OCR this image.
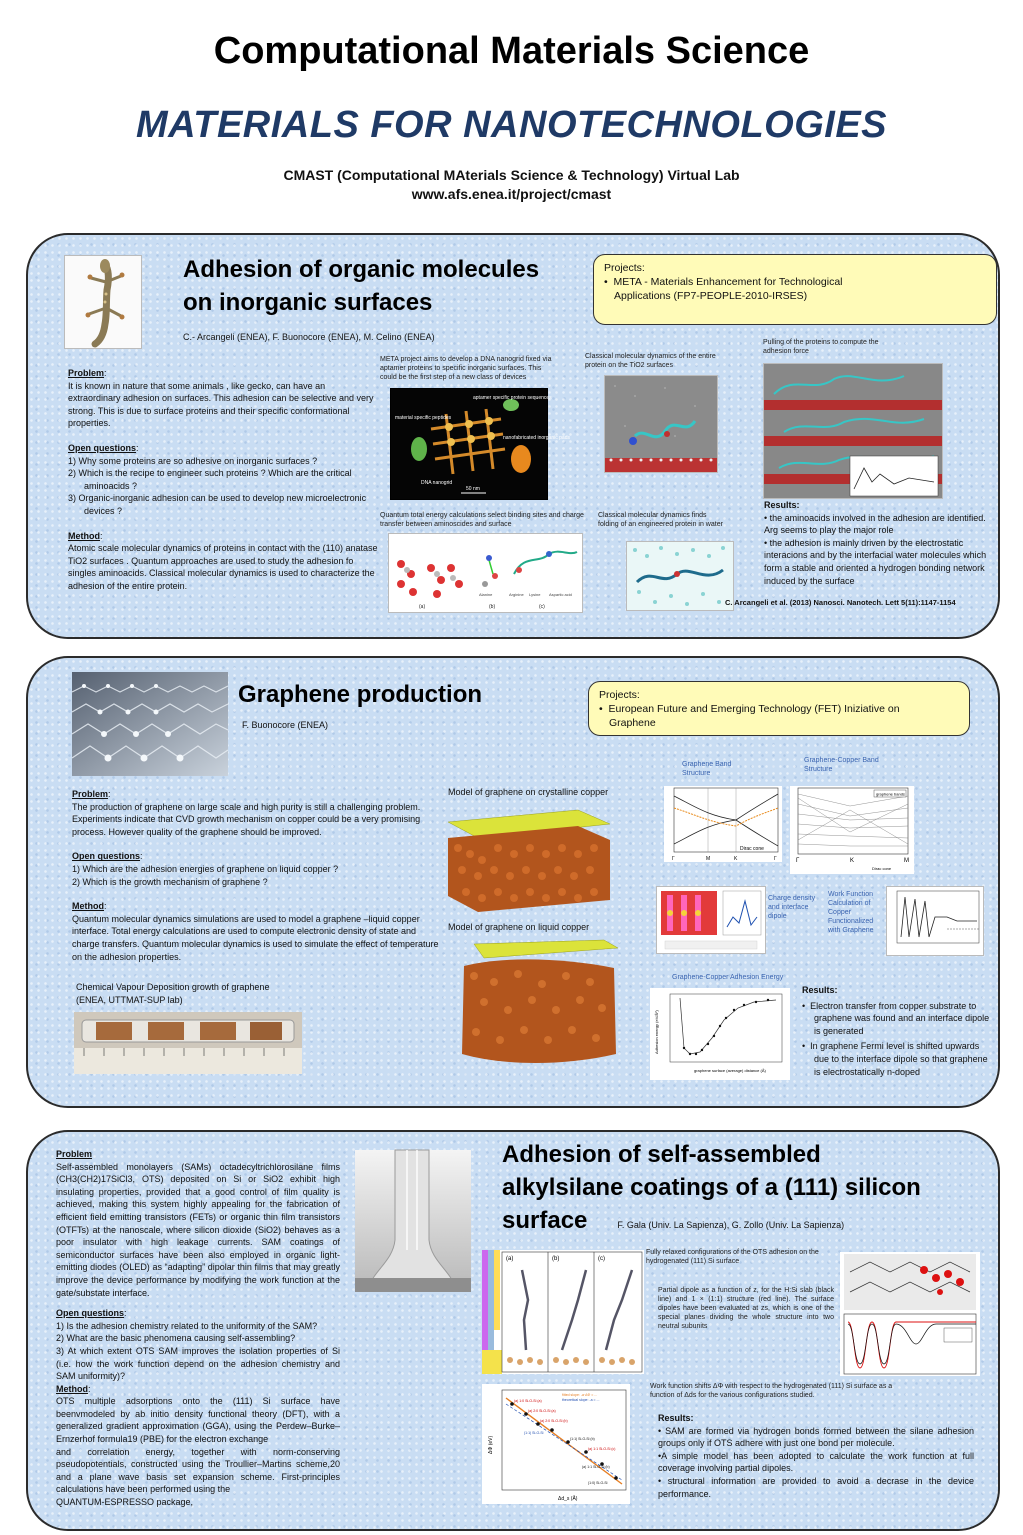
Computational Materials Science
MATERIALS FOR NANOTECHNOLOGIES
CMAST (Computational MAterials Science & Technology) Virtual Lab
www.afs.enea.it/project/cmast
Adhesion of organic molecules
on inorganic surfaces
C.- Arcangeli (ENEA), F. Buonocore (ENEA), M. Celino (ENEA)
Projects:
•  META - Materials Enhancement for Technological
Applications (FP7-PEOPLE-2010-IRSES)
Problem:
It is known in nature that some animals , like gecko, can have an extraordinary adhesion on surfaces. This adhesion can be selective and very strong. This is due to surface proteins and their specific conformational properties.
Open questions:
1) Why some proteins are so adhesive on inorganic surfaces ?
2) Which is the recipe to engineer such proteins ? Which are the critical aminoacids ?
3) Organic-inorganic adhesion can be used to develop new microelectronic devices ?
Method:
Atomic scale molecular dynamics of proteins in contact with the (110) anatase TiO2 surfaces . Quantum approaches are used to study the adhesion fo singles aminoacids. Classical molecular dynamics is used to characterize the adhesion of the entire protein.
META project aims to develop a DNA nanogrid fixed via aptamer proteins to specific inorganic surfaces. This could be the first step of a new class of devices
aptamer specific protein sequences
material specific peptides
nanofabricated inorganic pads
DNA nanogrid
50 nm
Classical molecular dynamics of the entire protein on the TiO2 surfaces
Pulling of the proteins to compute the adhesion force
Quantum total energy calculations select binding sites and charge transfer between aminoscides and surface
(a)	(b)	(c)
Alanine	Arginine Lysine Aspartic acid
Classical molecular dynamics finds folding of an engineered protein in water
Results:
• the aminoacids involved in the adhesion are identified. Arg seems to play the major role
• the adhesion is mainly driven by the electrostatic interacions and by the interfacial water molecules which form a stable and oriented a hydrogen bonding network induced by the surface
C. Arcangeli et al. (2013) Nanosci. Nanotech. Lett 5(11):1147-1154
Graphene production
F. Buonocore (ENEA)
Projects:
•  European Future and Emerging Technology (FET) Iniziative on
Graphene
Problem:
The production of graphene on large scale and high purity is still a challenging problem. Experiments indicate that CVD growth mechanism on copper could be a very promising process. However quality of the graphene should be improved.
Open questions:
1) Which are the adhesion energies of graphene on liquid copper ?
2) Which is the growth mechanism of graphene ?
Method:
Quantum molecular dynamics simulations are used to model a graphene –liquid copper interface. Total energy calculations are used to compute electronic density of state and charge transfers. Quantum molecular dynamics is used to simulate the effect of temperature on the adhesion properties.
Chemical Vapour Deposition growth of graphene (ENEA, UTTMAT-SUP lab)
Model of graphene on crystalline copper
Model of graphene on liquid copper
Graphene Band Structure
Γ	M	K	Γ
Dirac cone
Graphene-Copper Band Structure
graphene bands
Γ	K	M
Dirac cone
Charge density and interface dipole
Work Function Calculation of Copper Functionalized with Graphene
Graphene-Copper Adhesion Energy
graphene surface (average) distance (Å)
Adhesion energy (eV/Å²)
Results:
•  Electron transfer from copper substrate to graphene was found and an interface dipole is generated
•  In graphene Fermi level is shifted upwards due to the interface dipole so that graphene is electrostatically n-doped
Problem
Self-assembled monolayers (SAMs) octadecyltrichlorosilane films (CH3(CH2)17SiCl3, OTS) deposited on Si or SiO2 exhibit high insulating properties, provided that a good control of film quality is achieved, making this system highly appealing for the fabrication of efficient field emitting transistors (FETs) or organic thin film transistors (OTFTs) at the nanoscale, where silicon dioxide (SiO2) behaves as a poor insulator with high leakage currents. SAM coatings of semiconductor surfaces have been also employed in organic light-emitting diodes (OLED) as “adapting” dipolar thin films that may greatly improve the device performance by modifying the work function at the gate/substate interface.
Open questions:
1) Is the adhesion chemistry related to the uniformity of the SAM?
2) What are the basic phenomena causing self-assembling?
3) At which extent OTS SAM improves the isolation properties of Si (i.e. how the work function depend on the adhesion chemistry and SAM uniformity)?
Method:
OTS multiple adsorptions onto the (111) Si surface have beenvmodeled by ab initio density functional theory (DFT), with a generalized gradient approximation (GGA), using the Perdew–Burke–Ernzerhof formula19 (PBE) for the electron exchange
and correlation energy, together with norm-conserving pseudopotentials, constructed using the Troullier–Martins scheme,20 and a plane wave basis set expansion scheme. First-principles calculations have been performed using the
QUANTUM-ESPRESSO package,
Adhesion of self-assembled
alkylsilane coatings of a (111) silicon
surface	F. Gala (Univ. La Sapienza), G. Zollo (Univ. La Sapienza)
(a)	(b)	(c)
Fully relaxed configurations of the OTS adhesion on the hydrogenated (111) Si surface
Partial dipole as a function of z, for the H:Si slab (black line) and 1 × (1:1) structure (red line). The surface dipoles have been evaluated at zs, which is one of the special planes dividing the whole structure into two neutral subunits
fitted slope: -a·ΔΦ = ...
theoretical slope: -a = ...
(a) 1:0 Si-O-Si (a)
(a) 2:0 Si-O-Si (a)
(a) 2:0 Si-O-Si (b)
(1:1) Si-O-Si
(1:1) Si-O-Si (b)
(a) 1:1 Si-O-Si (c)
(a) 1:1 Si-O-Si (b)
(1:0) Si-O-Si
Δd_s (Å)
ΔΦ (eV)
Work function shifts ΔΦ with respect to the hydrogenated (111) Si surface as a function of Δds for the various configurations studied.
Results:
• SAM are formed via hydrogen bonds formed between the silane adhesion groups only if OTS adhere with just one bond per molecule.
•A simple model has been adopted to calculate the work function at full coverage involving partial dipoles.
• structural information are provided to avoid a decrase in the device performance.
